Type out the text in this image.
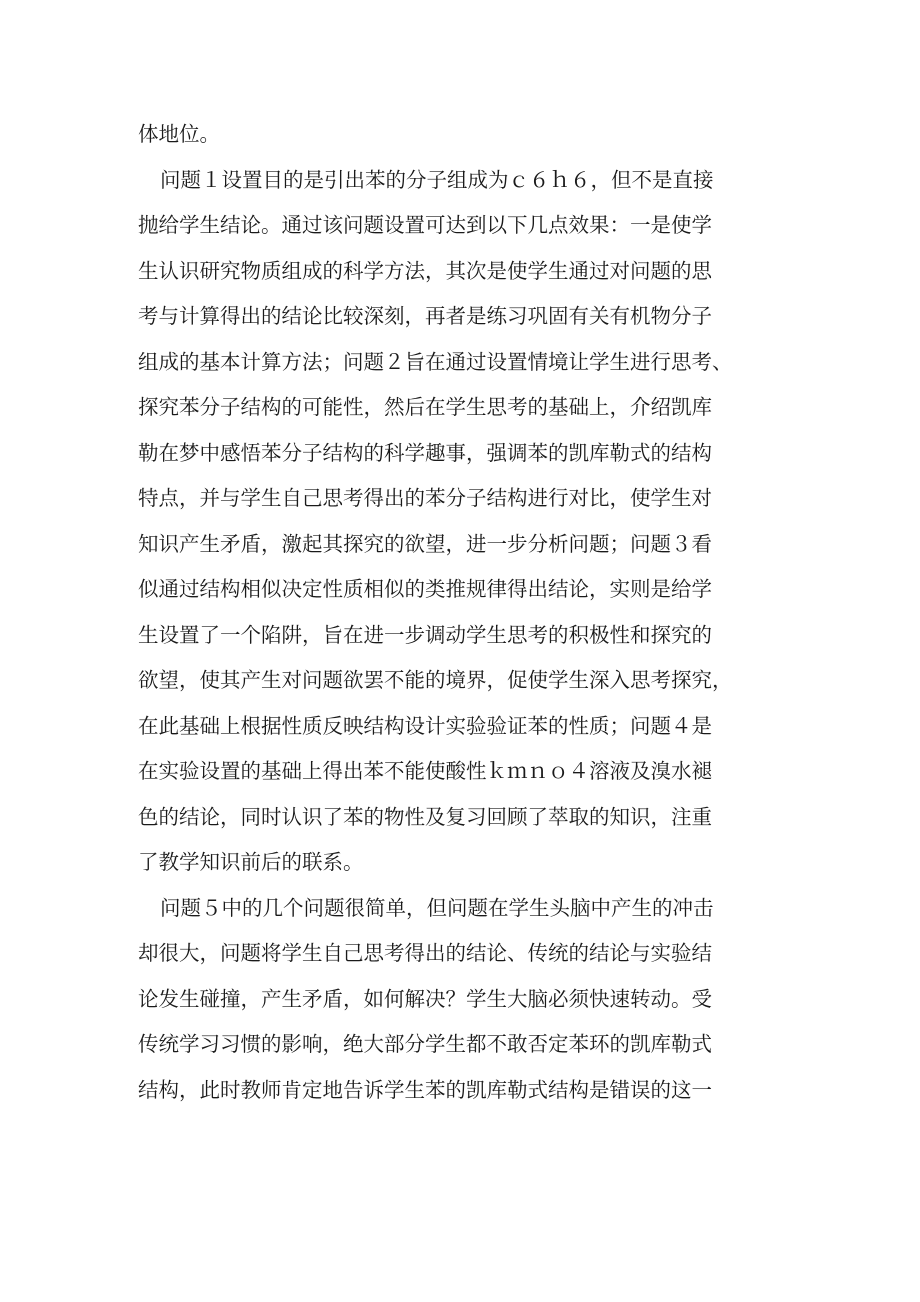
体地位。
问题１设置目的是引出苯的分子组成为ｃ６ｈ６，但不是直接
抛给学生结论。通过该问题设置可达到以下几点效果：一是使学
生认识研究物质组成的科学方法，其次是使学生通过对问题的思
考与计算得出的结论比较深刻，再者是练习巩固有关有机物分子
组成的基本计算方法；问题２旨在通过设置情境让学生进行思考、
探究苯分子结构的可能性，然后在学生思考的基础上，介绍凯库
勒在梦中感悟苯分子结构的科学趣事，强调苯的凯库勒式的结构
特点，并与学生自己思考得出的苯分子结构进行对比，使学生对
知识产生矛盾，激起其探究的欲望，进一步分析问题；问题３看
似通过结构相似决定性质相似的类推规律得出结论，实则是给学
生设置了一个陷阱，旨在进一步调动学生思考的积极性和探究的
欲望，使其产生对问题欲罢不能的境界，促使学生深入思考探究，
在此基础上根据性质反映结构设计实验验证苯的性质；问题４是
在实验设置的基础上得出苯不能使酸性ｋｍｎｏ４溶液及溴水褪
色的结论，同时认识了苯的物性及复习回顾了萃取的知识，注重
了教学知识前后的联系。
问题５中的几个问题很简单，但问题在学生头脑中产生的冲击
却很大，问题将学生自己思考得出的结论、传统的结论与实验结
论发生碰撞，产生矛盾，如何解决？学生大脑必须快速转动。受
传统学习习惯的影响，绝大部分学生都不敢否定苯环的凯库勒式
结构，此时教师肯定地告诉学生苯的凯库勒式结构是错误的这一
